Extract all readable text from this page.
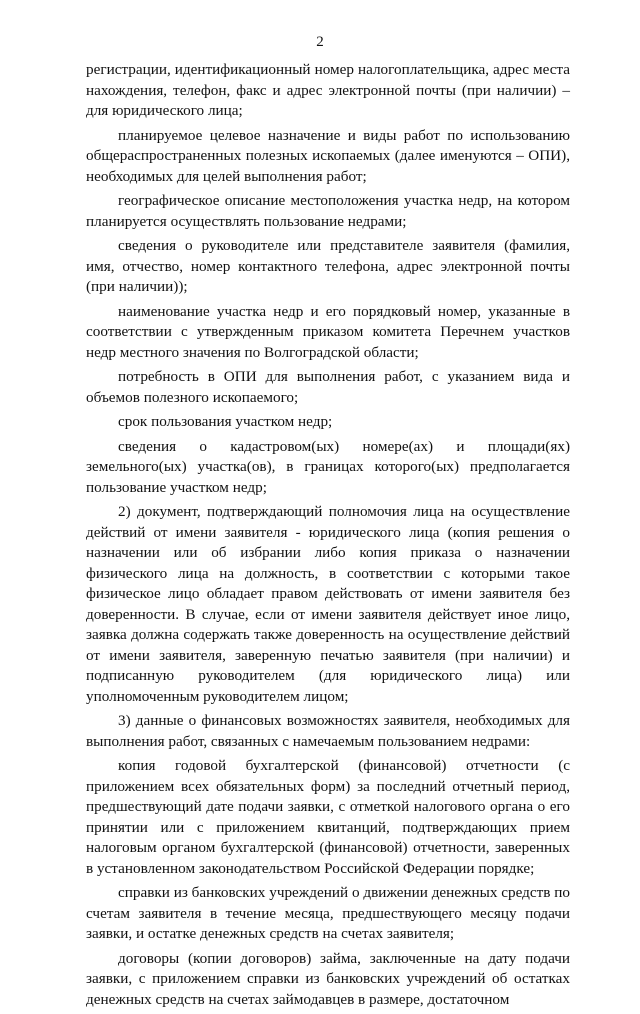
2

регистрации, идентификационный номер налогоплательщика, адрес места нахождения, телефон, факс и адрес электронной почты (при наличии) – для юридического лица;

планируемое целевое назначение и виды работ по использованию общераспространенных полезных ископаемых (далее именуются – ОПИ), необходимых для целей выполнения работ;

географическое описание местоположения участка недр, на котором планируется осуществлять пользование недрами;

сведения о руководителе или представителе заявителя (фамилия, имя, отчество, номер контактного телефона, адрес электронной почты (при наличии));

наименование участка недр и его порядковый номер, указанные в соответствии с утвержденным приказом комитета Перечнем участков недр местного значения по Волгоградской области;

потребность в ОПИ для выполнения работ, с указанием вида и объемов полезного ископаемого;

срок пользования участком недр;

сведения о кадастровом(ых) номере(ах) и площади(ях) земельного(ых) участка(ов), в границах которого(ых) предполагается пользование участком недр;

2) документ, подтверждающий полномочия лица на осуществление действий от имени заявителя - юридического лица (копия решения о назначении или об избрании либо копия приказа о назначении физического лица на должность, в соответствии с которыми такое физическое лицо обладает правом действовать от имени заявителя без доверенности. В случае, если от имени заявителя действует иное лицо, заявка должна содержать также доверенность на осуществление действий от имени заявителя, заверенную печатью заявителя (при наличии) и подписанную руководителем (для юридического лица) или уполномоченным руководителем лицом;

3) данные о финансовых возможностях заявителя, необходимых для выполнения работ, связанных с намечаемым пользованием недрами:

копия годовой бухгалтерской (финансовой) отчетности (с приложением всех обязательных форм) за последний отчетный период, предшествующий дате подачи заявки, с отметкой налогового органа о его принятии или с приложением квитанций, подтверждающих прием налоговым органом бухгалтерской (финансовой) отчетности, заверенных в установленном законодательством Российской Федерации порядке;

справки из банковских учреждений о движении денежных средств по счетам заявителя в течение месяца, предшествующего месяцу подачи заявки, и остатке денежных средств на счетах заявителя;

договоры (копии договоров) займа, заключенные на дату подачи заявки, с приложением справки из банковских учреждений об остатках денежных средств на счетах займодавцев в размере, достаточном
